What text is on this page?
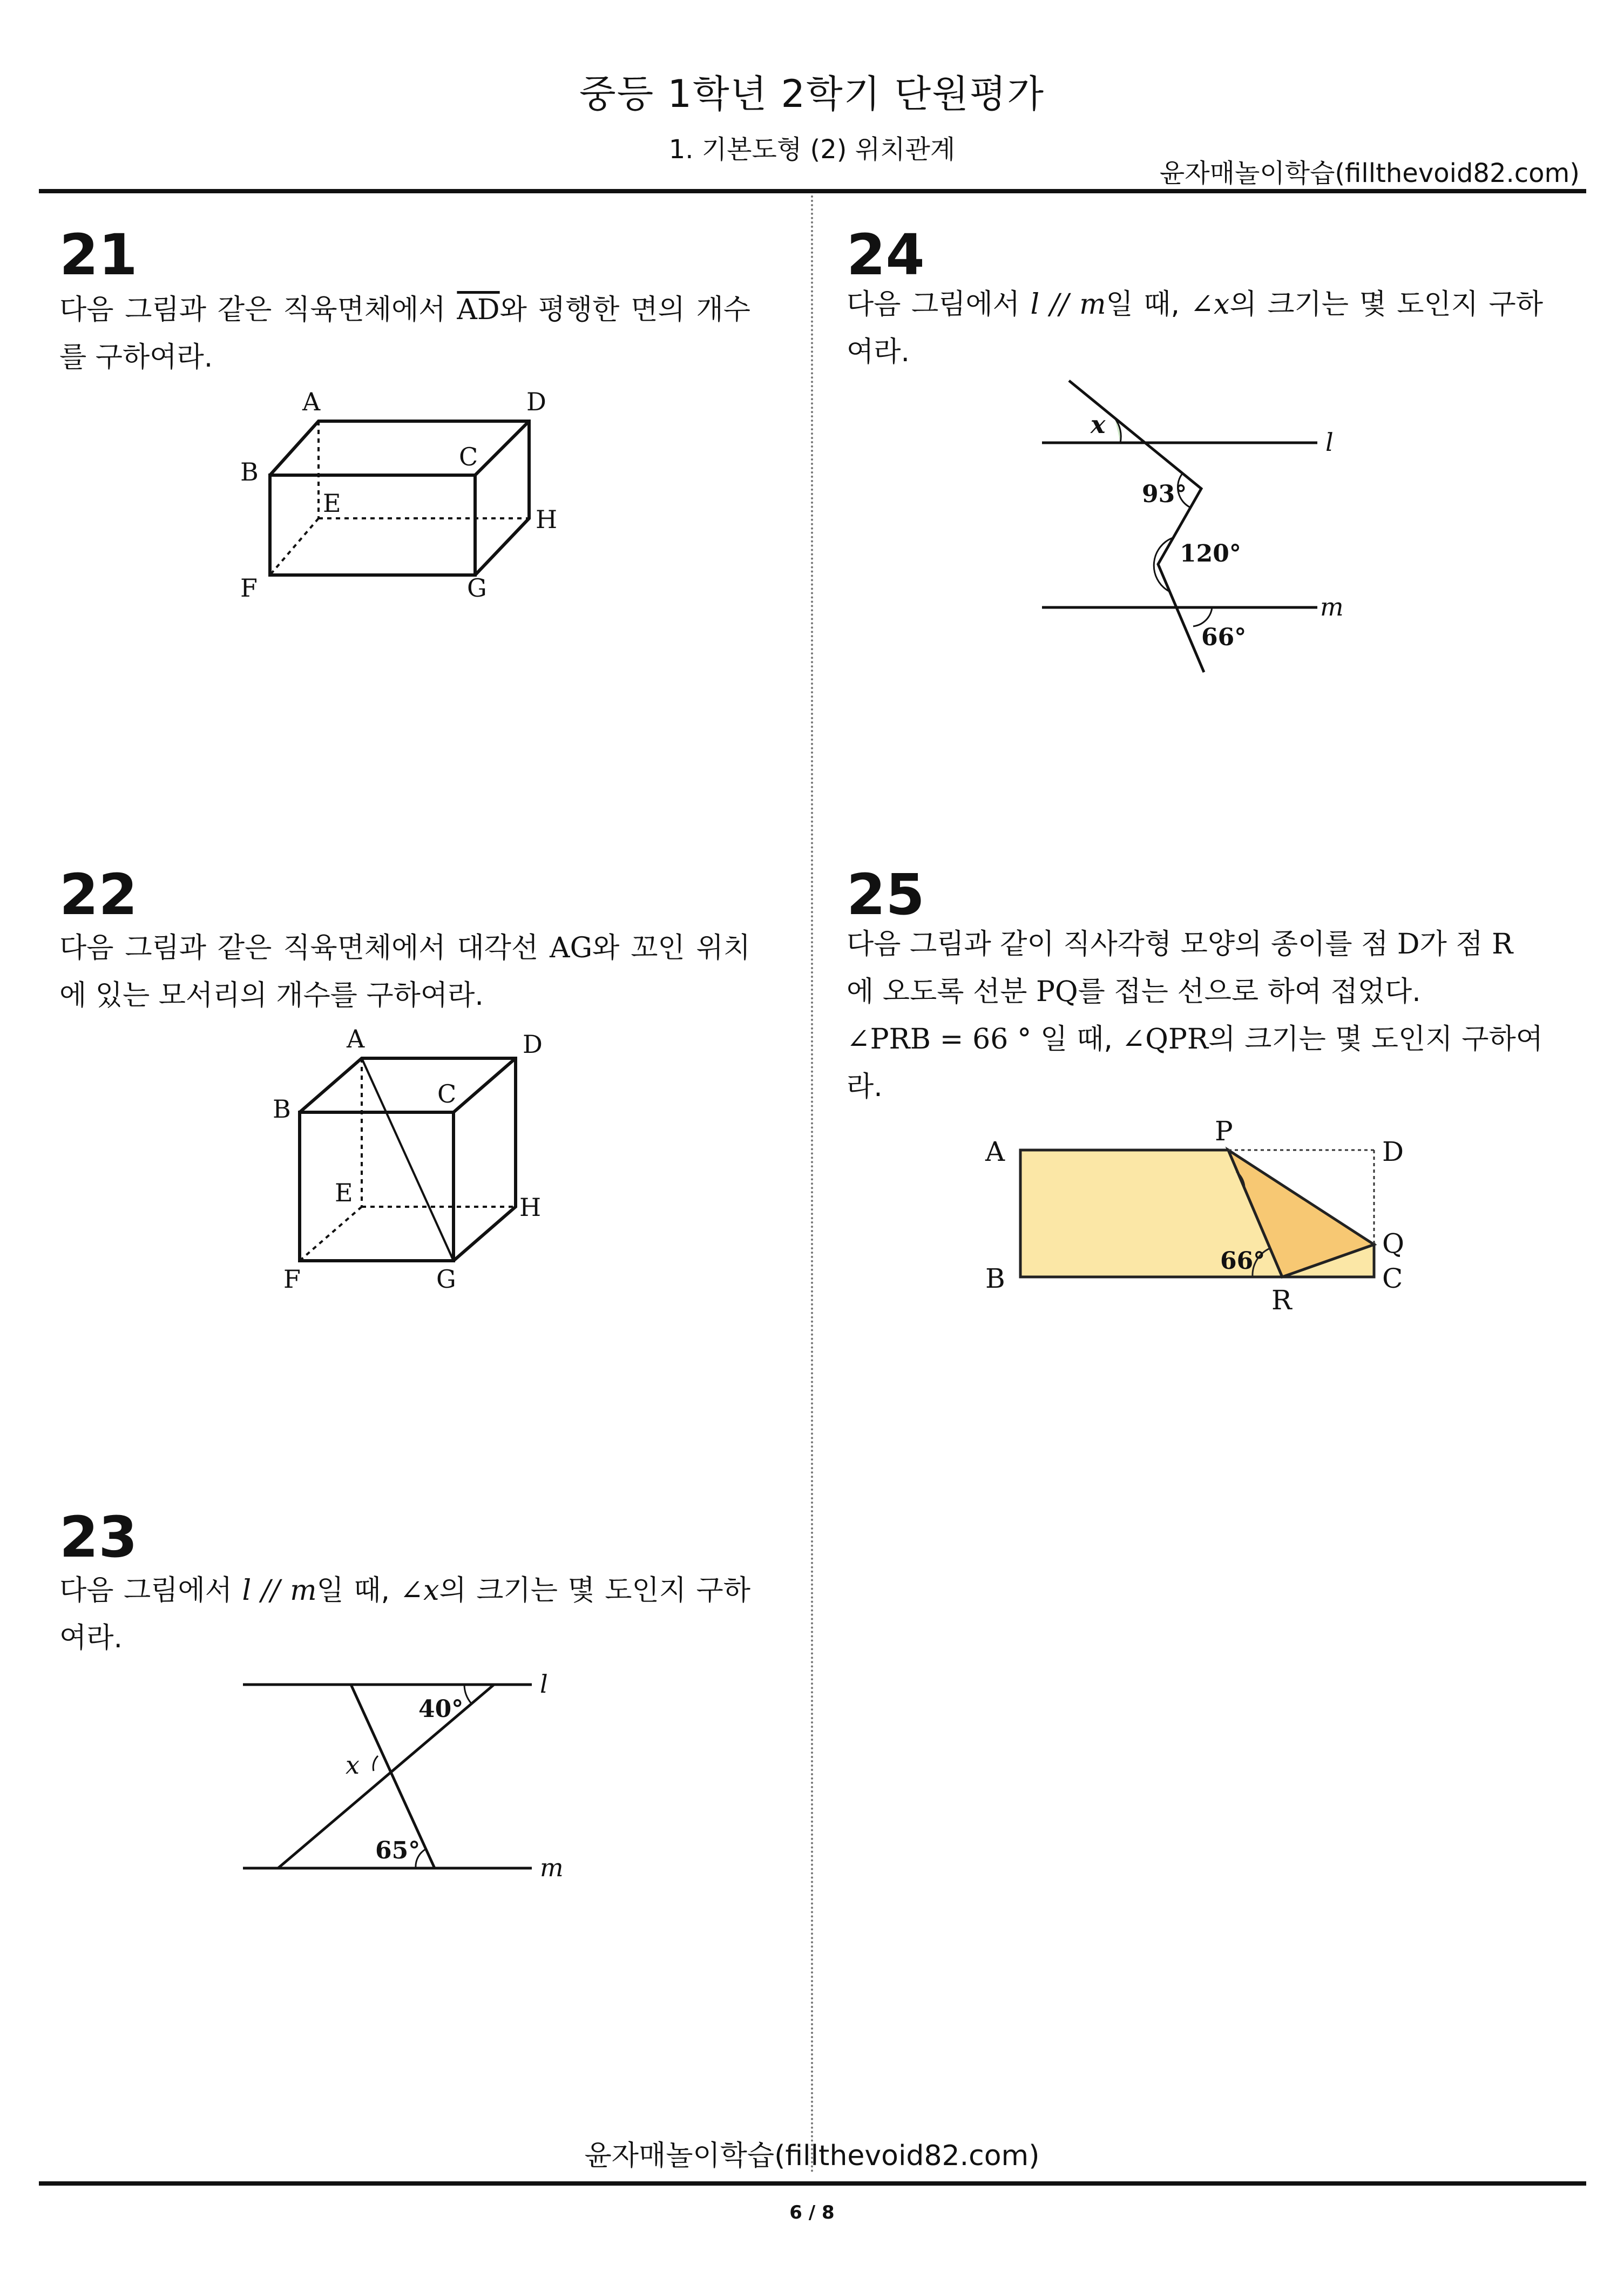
중등 1학년 2학기 단원평가
1. 기본도형 (2) 위치관계
윤자매놀이학습(fillthevoid82.com)
21
다음 그림과 같은 직육면체에서 $\overline{AD}$와 평행한 면의 개수를 구하여라.
A	D
B
C
E
H
F	G
22
다음 그림과 같은 직육면체에서 대각선 AG와 꼬인 위치에 있는 모서리의 개수를 구하여라.
A	D
B
C
E	H
F	G
23
다음 그림에서 l // m일 때, ∠x의 크기는 몇 도인지 구하여라.
l
m
x
40°
65°
24
다음 그림에서 l // m일 때, ∠x의 크기는 몇 도인지 구하여라.
x
l
m
93°
120°
66°
25
다음 그림과 같이 직사각형 모양의 종이를 점 D가 점 R
에 오도록 선분 PQ를 접는 선으로 하여 접었다.
∠PRB = 66 ° 일 때, ∠QPR의 크기는 몇 도인지 구하여라.
A
P
D
Q
B	C
R
66°
윤자매놀이학습(fillthevoid82.com)
6 / 8
